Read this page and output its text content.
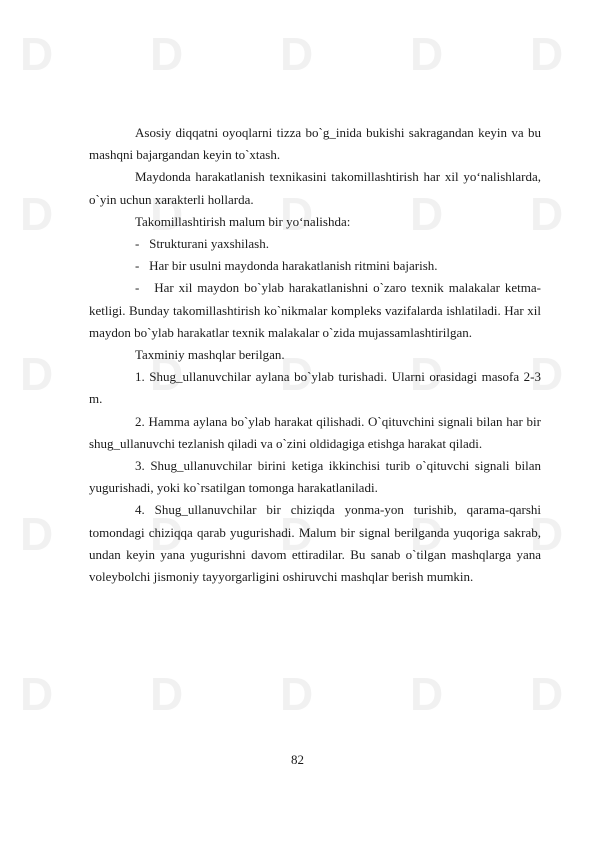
D D D D D
D D D D D
D D D D D
D D D D D
D D D D D

Asosiy diqqatni oyoqlarni tizza bo`g_inida bukishi sakragandan keyin va bu mashqni bajargandan keyin to`xtash.

Maydonda harakatlanish texnikasini takomillashtirish har xil yo‘nalishlarda, o`yin uchun xarakterli hollarda.

Takomillashtirish malum bir yo‘nalishda:

- Strukturani yaxshilash.

- Har bir usulni maydonda harakatlanish ritmini bajarish.

- Har xil maydon bo`ylab harakatlanishni o`zaro texnik malakalar ketma- ketligi. Bunday takomillashtirish ko`nikmalar kompleks vazifalarda ishlatiladi. Har xil maydon bo`ylab harakatlar texnik malakalar o`zida mujassamlashtirilgan.

Taxminiy mashqlar berilgan.

1. Shug_ullanuvchilar aylana bo`ylab turishadi. Ularni orasidagi masofa 2-3 m.

2. Hamma aylana bo`ylab harakat qilishadi. O`qituvchini signali bilan har bir shug_ullanuvchi tezlanish qiladi va o`zini oldidagiga etishga harakat qiladi.

3. Shug_ullanuvchilar birini ketiga ikkinchisi turib o`qituvchi signali bilan yugurishadi, yoki ko`rsatilgan tomonga harakatlaniladi.

4. Shug_ullanuvchilar bir chiziqda yonma-yon turishib, qarama-qarshi tomondagi chiziqqa qarab yugurishadi. Malum bir signal berilganda yuqoriga sakrab, undan keyin yana yugurishni davom ettiradilar. Bu sanab o`tilgan mashqlarga yana voleybolchi jismoniy tayyorgarligini oshiruvchi mashqlar berish mumkin.

82
